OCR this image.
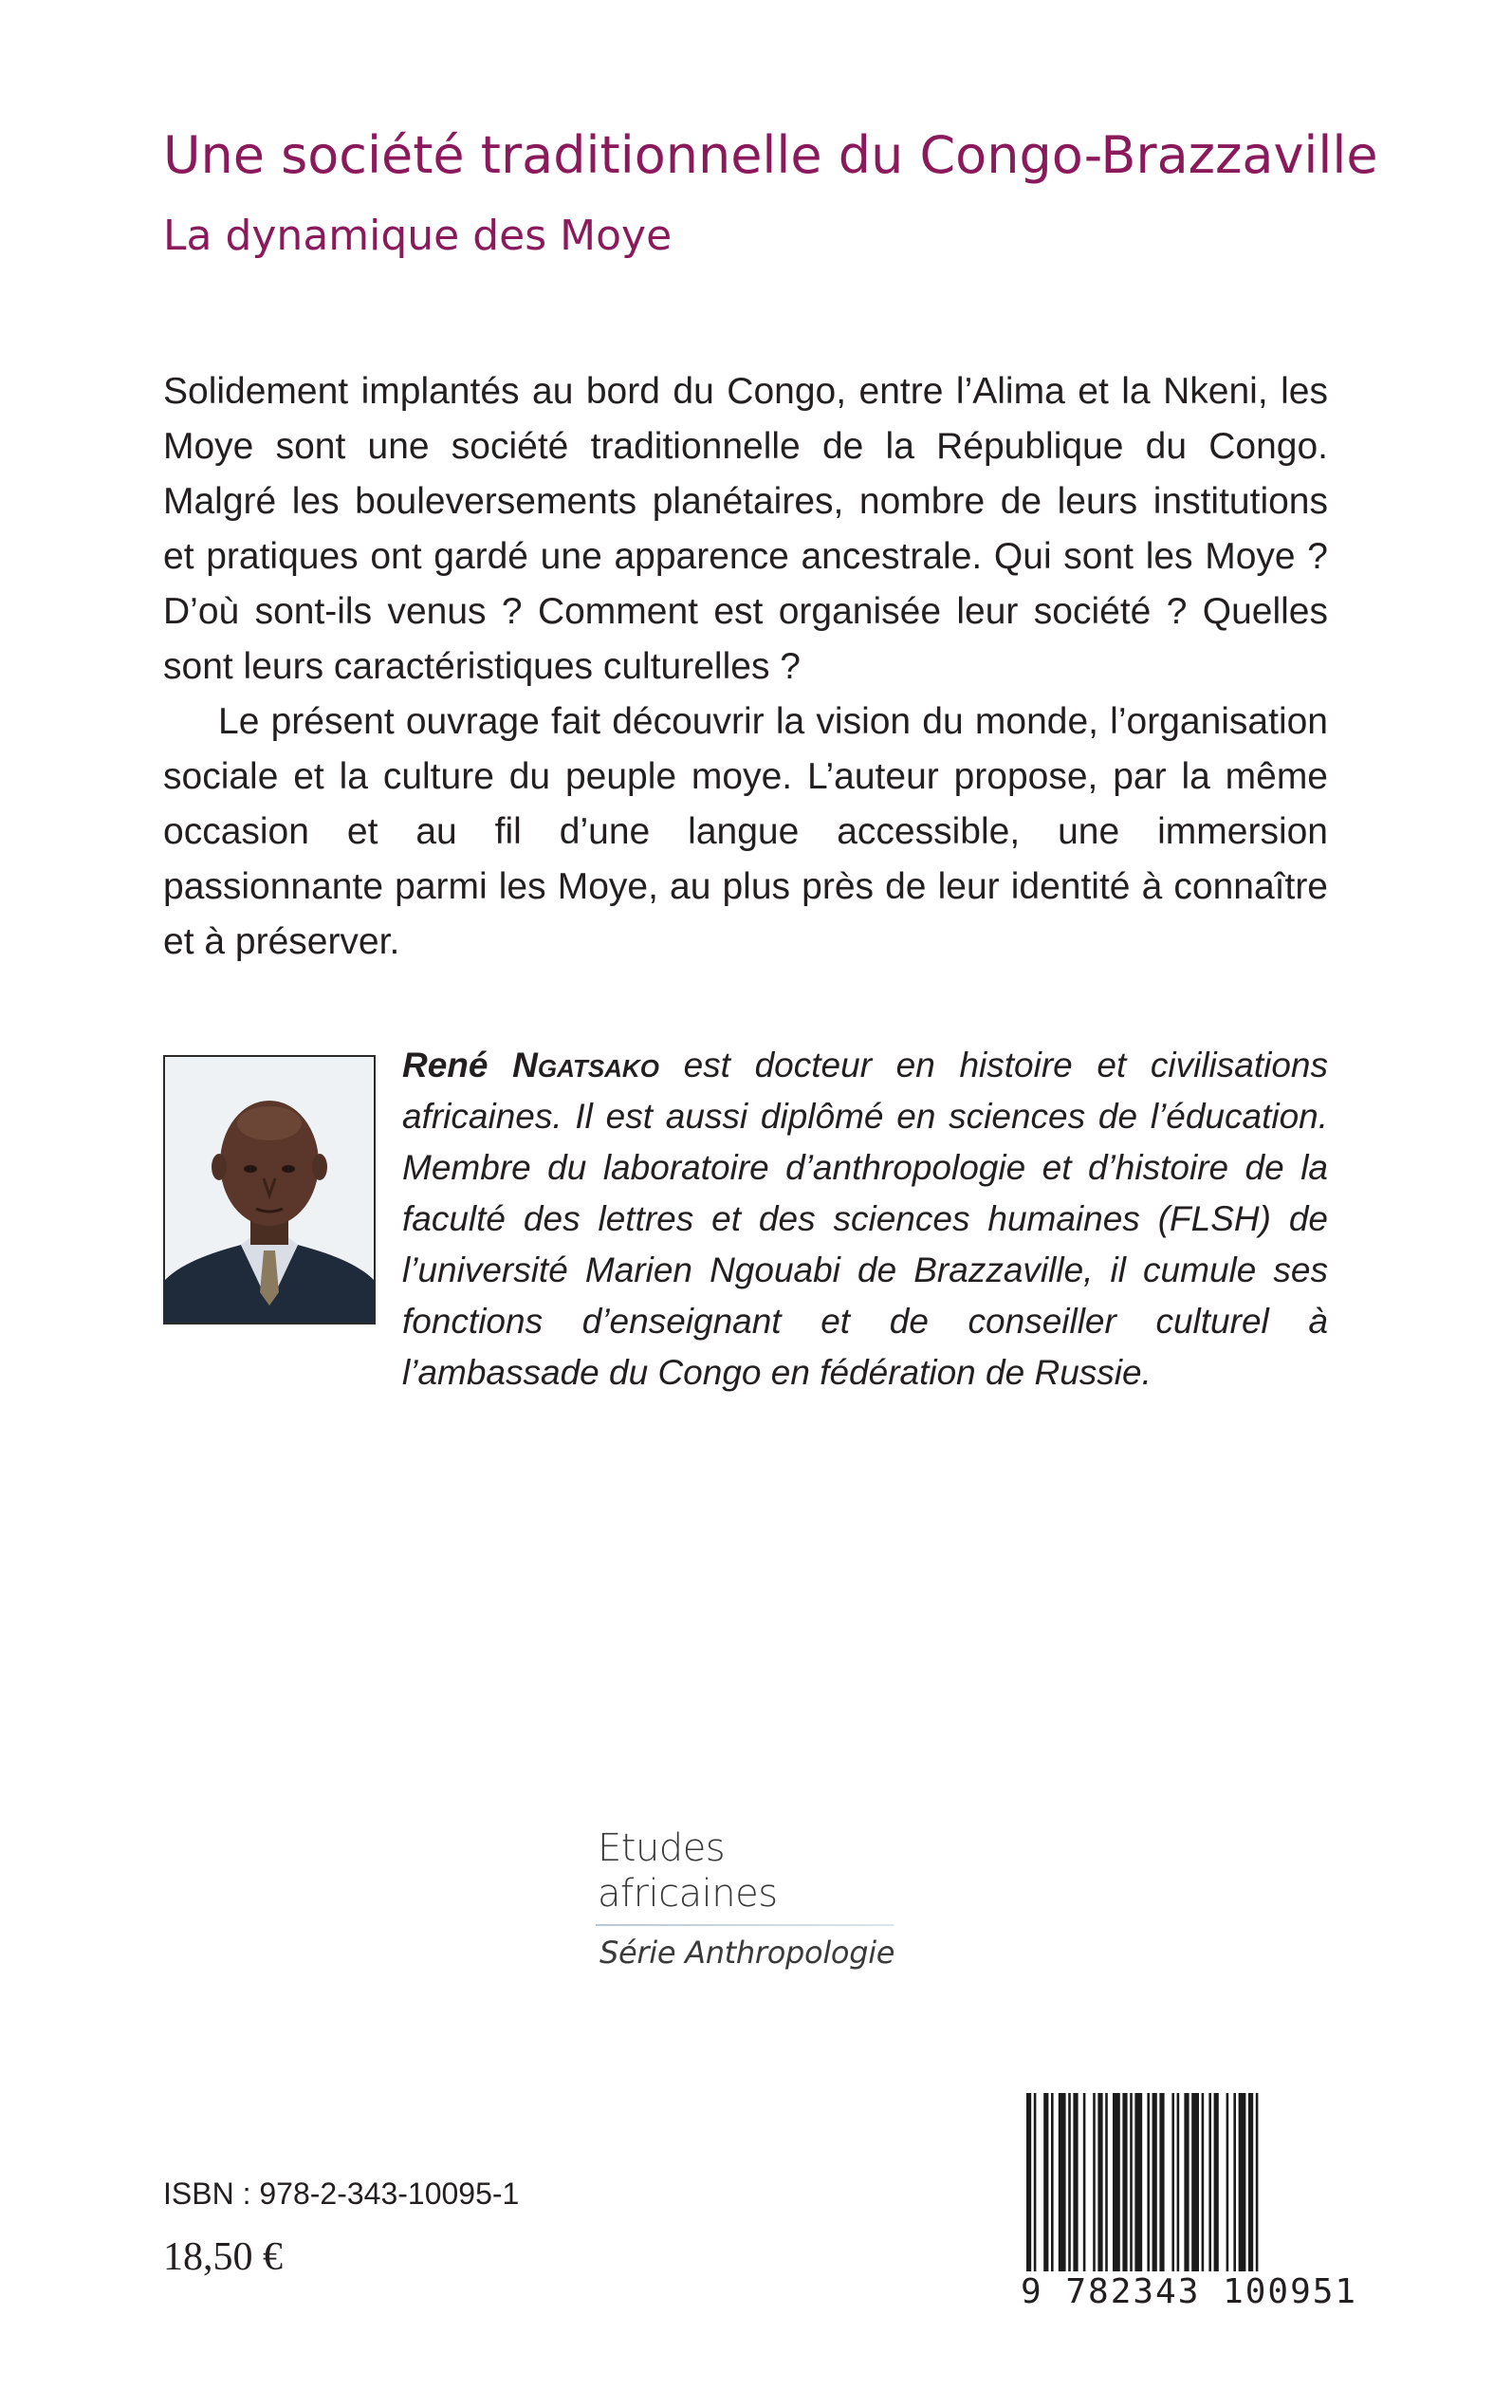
Une société traditionnelle du Congo-Brazzaville
La dynamique des Moye

Solidement implantés au bord du Congo, entre l’Alima et la Nkeni, les Moye sont une société traditionnelle de la République du Congo. Malgré les bouleversements planétaires, nombre de leurs institutions et pratiques ont gardé une apparence ancestrale. Qui sont les Moye ? D’où sont-ils venus ? Comment est organisée leur société ? Quelles sont leurs caractéristiques culturelles ?

Le présent ouvrage fait découvrir la vision du monde, l’organisation sociale et la culture du peuple moye. L’auteur propose, par la même occasion et au fil d’une langue accessible, une immersion passionnante parmi les Moye, au plus près de leur identité à connaître et à préserver.

René Ngatsako est docteur en histoire et civilisations africaines. Il est aussi diplômé en sciences de l’éducation. Membre du laboratoire d’anthropologie et d’histoire de la faculté des lettres et des sciences humaines (FLSH) de l’université Marien Ngouabi de Brazzaville, il cumule ses fonctions d’enseignant et de conseiller culturel à l’ambassade du Congo en fédération de Russie.
Etudes africaines
Série Anthropologie
ISBN : 978-2-343-10095-1
18,50 €
9 782343 100951
